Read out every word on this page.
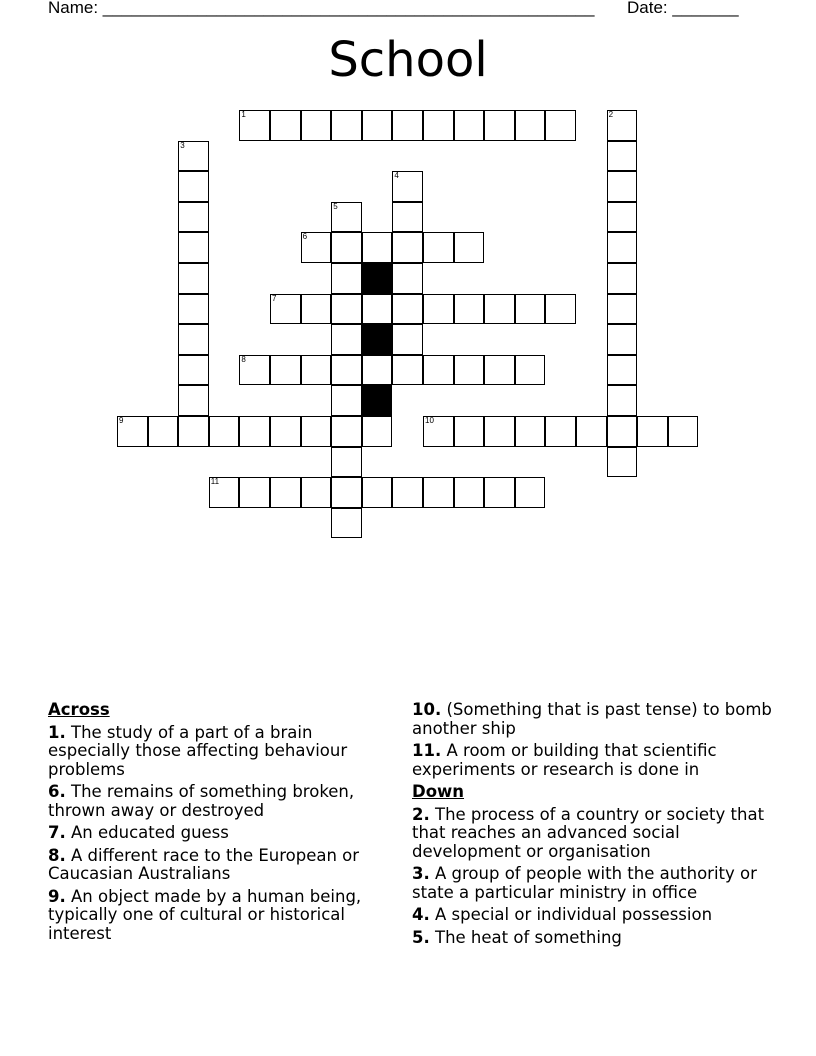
Name: ____________________________________________________ Date: _______
School
1	2
3
4
5
6
7
8
9	10
11
Across
1. The study of a part of a brain especially those affecting behaviour problems
6. The remains of something broken, thrown away or destroyed
7. An educated guess
8. A different race to the European or Caucasian Australians
9. An object made by a human being, typically one of cultural or historical interest
10. (Something that is past tense) to bomb another ship
11. A room or building that scientific experiments or research is done in
Down
2. The process of a country or society that that reaches an advanced social development or organisation
3. A group of people with the authority or state a particular ministry in office
4. A special or individual possession
5. The heat of something
